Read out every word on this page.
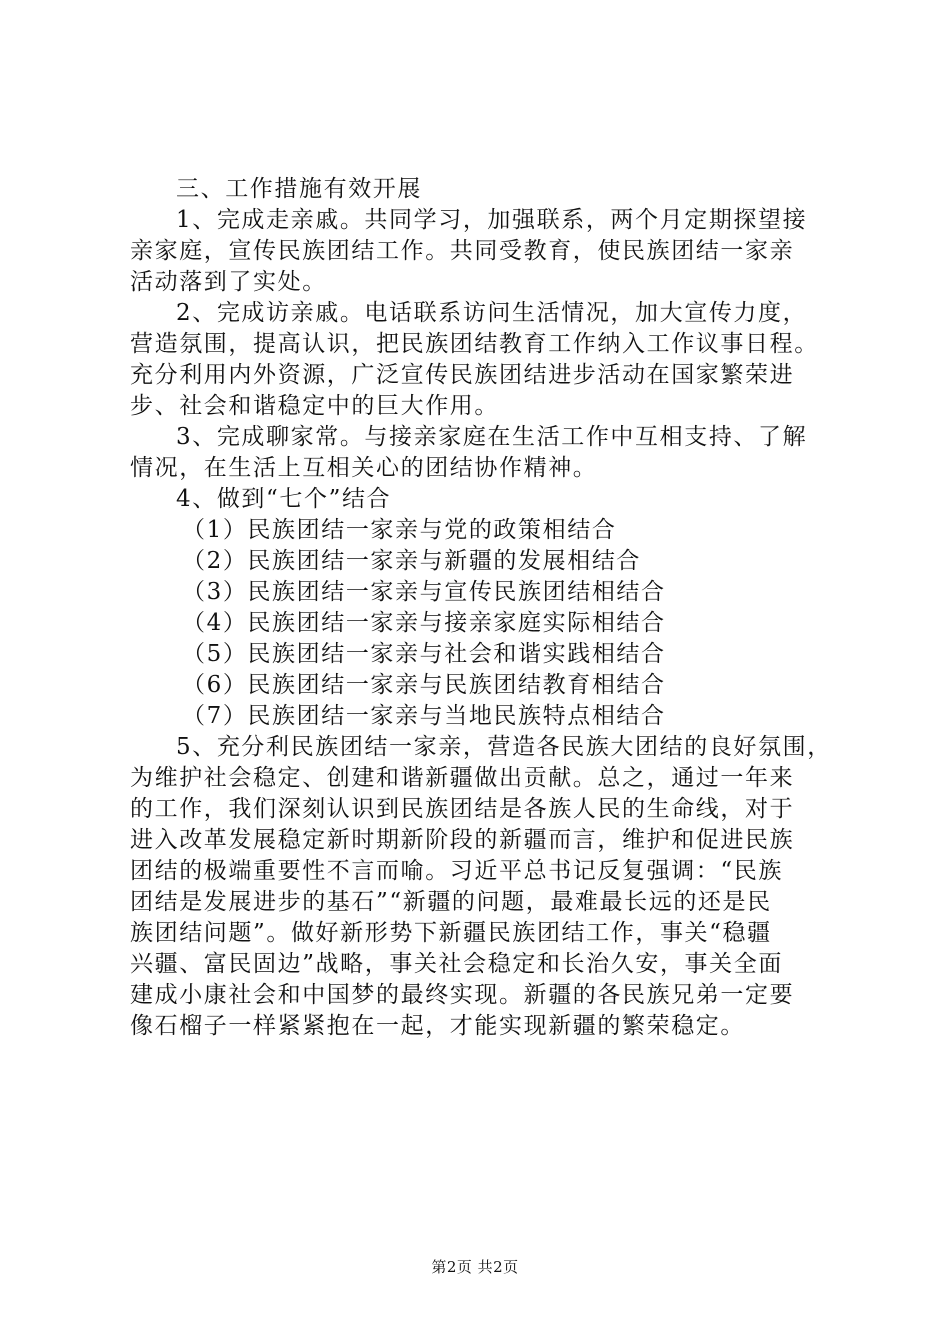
三、工作措施有效开展
1、完成走亲戚。共同学习，加强联系，两个月定期探望接
亲家庭，宣传民族团结工作。共同受教育，使民族团结一家亲
活动落到了实处。
2、完成访亲戚。电话联系访问生活情况，加大宣传力度，
营造氛围，提高认识，把民族团结教育工作纳入工作议事日程。
充分利用内外资源，广泛宣传民族团结进步活动在国家繁荣进
步、社会和谐稳定中的巨大作用。
3、完成聊家常。与接亲家庭在生活工作中互相支持、了解
情况，在生活上互相关心的团结协作精神。
4、做到“七个”结合
（1）民族团结一家亲与党的政策相结合
（2）民族团结一家亲与新疆的发展相结合
（3）民族团结一家亲与宣传民族团结相结合
（4）民族团结一家亲与接亲家庭实际相结合
（5）民族团结一家亲与社会和谐实践相结合
（6）民族团结一家亲与民族团结教育相结合
（7）民族团结一家亲与当地民族特点相结合
5、充分利民族团结一家亲，营造各民族大团结的良好氛围，
为维护社会稳定、创建和谐新疆做出贡献。总之，通过一年来
的工作，我们深刻认识到民族团结是各族人民的生命线，对于
进入改革发展稳定新时期新阶段的新疆而言，维护和促进民族
团结的极端重要性不言而喻。习近平总书记反复强调：“民族
团结是发展进步的基石”“新疆的问题，最难最长远的还是民
族团结问题”。做好新形势下新疆民族团结工作，事关“稳疆
兴疆、富民固边”战略，事关社会稳定和长治久安，事关全面
建成小康社会和中国梦的最终实现。新疆的各民族兄弟一定要
像石榴子一样紧紧抱在一起，才能实现新疆的繁荣稳定。
第2页 共2页
